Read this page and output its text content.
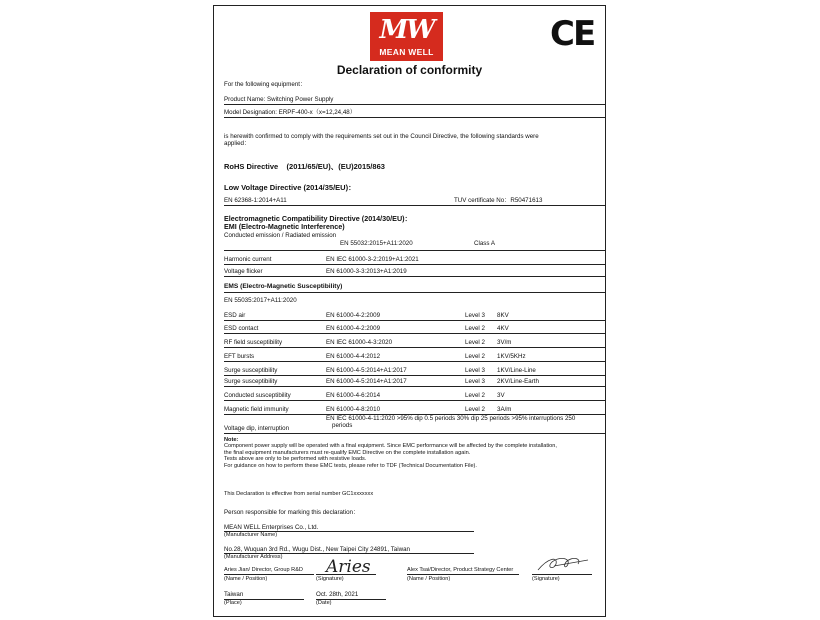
MW
MEAN WELL	CE
Declaration of conformity
For the following equipment：
Product Name: Switching Power Supply
Model Designation: ERPF-400-x（x=12,24,48）
is herewith confirmed to comply with the requirements set out in the Council Directive, the following standards were
applied：
RoHS Directive    (2011/65/EU)、(EU)2015/863
Low Voltage Directive (2014/35/EU)：
EN 62368-1:2014+A11	TUV certificate No：R50471613
Electromagnetic Compatibility Directive (2014/30/EU)：
EMI (Electro-Magnetic Interference)
Conducted emission / Radiated emission
EN 55032:2015+A11:2020	Class A
Harmonic current	EN IEC 61000-3-2:2019+A1:2021
Voltage flicker	EN 61000-3-3:2013+A1:2019
EMS (Electro-Magnetic Susceptibility)
EN 55035:2017+A11:2020
ESD air	EN 61000-4-2:2009	Level 3 8KV
ESD contact	EN 61000-4-2:2009	Level 2 4KV
RF field susceptibility	EN IEC 61000-4-3:2020	Level 2 3V/m
EFT bursts	EN 61000-4-4:2012	Level 2 1KV/5KHz
Surge susceptibility	EN 61000-4-5:2014+A1:2017	Level 3 1KV/Line-Line
Surge susceptibility	EN 61000-4-5:2014+A1:2017	Level 3 2KV/Line-Earth
Conducted susceptibility	EN 61000-4-6:2014	Level 2 3V
Magnetic field immunity	EN 61000-4-8:2010	Level 2 3A/m
EN IEC 61000-4-11:2020 >95% dip 0.5 periods 30% dip 25 periods >95% interruptions 250
periods
Voltage dip, interruption
Note:
Component power supply will be operated with a final equipment. Since EMC performance will be affected by the complete installation,
the final equipment manufacturers must re-qualify EMC Directive on the complete installation again.
Tests above are only to be performed with resistive loads.
For guidance on how to perform these EMC tests, please refer to TDF (Technical Documentation File).
This Declaration is effective from serial number GC1xxxxxxx
Person responsible for marking this declaration：
MEAN WELL Enterprises Co., Ltd.
(Manufacturer Name)
No.28, Wuquan 3rd Rd., Wugu Dist., New Taipei City 24891, Taiwan
(Manufacturer Address)
Aries Jian/ Director, Group R&D Aries
(Name / Position)	(Signature)
Alex Tsai/Director, Product Strategy Center
(Name / Position)	(Signature)
Taiwan	Oct. 28th, 2021
(Place)	(Date)
